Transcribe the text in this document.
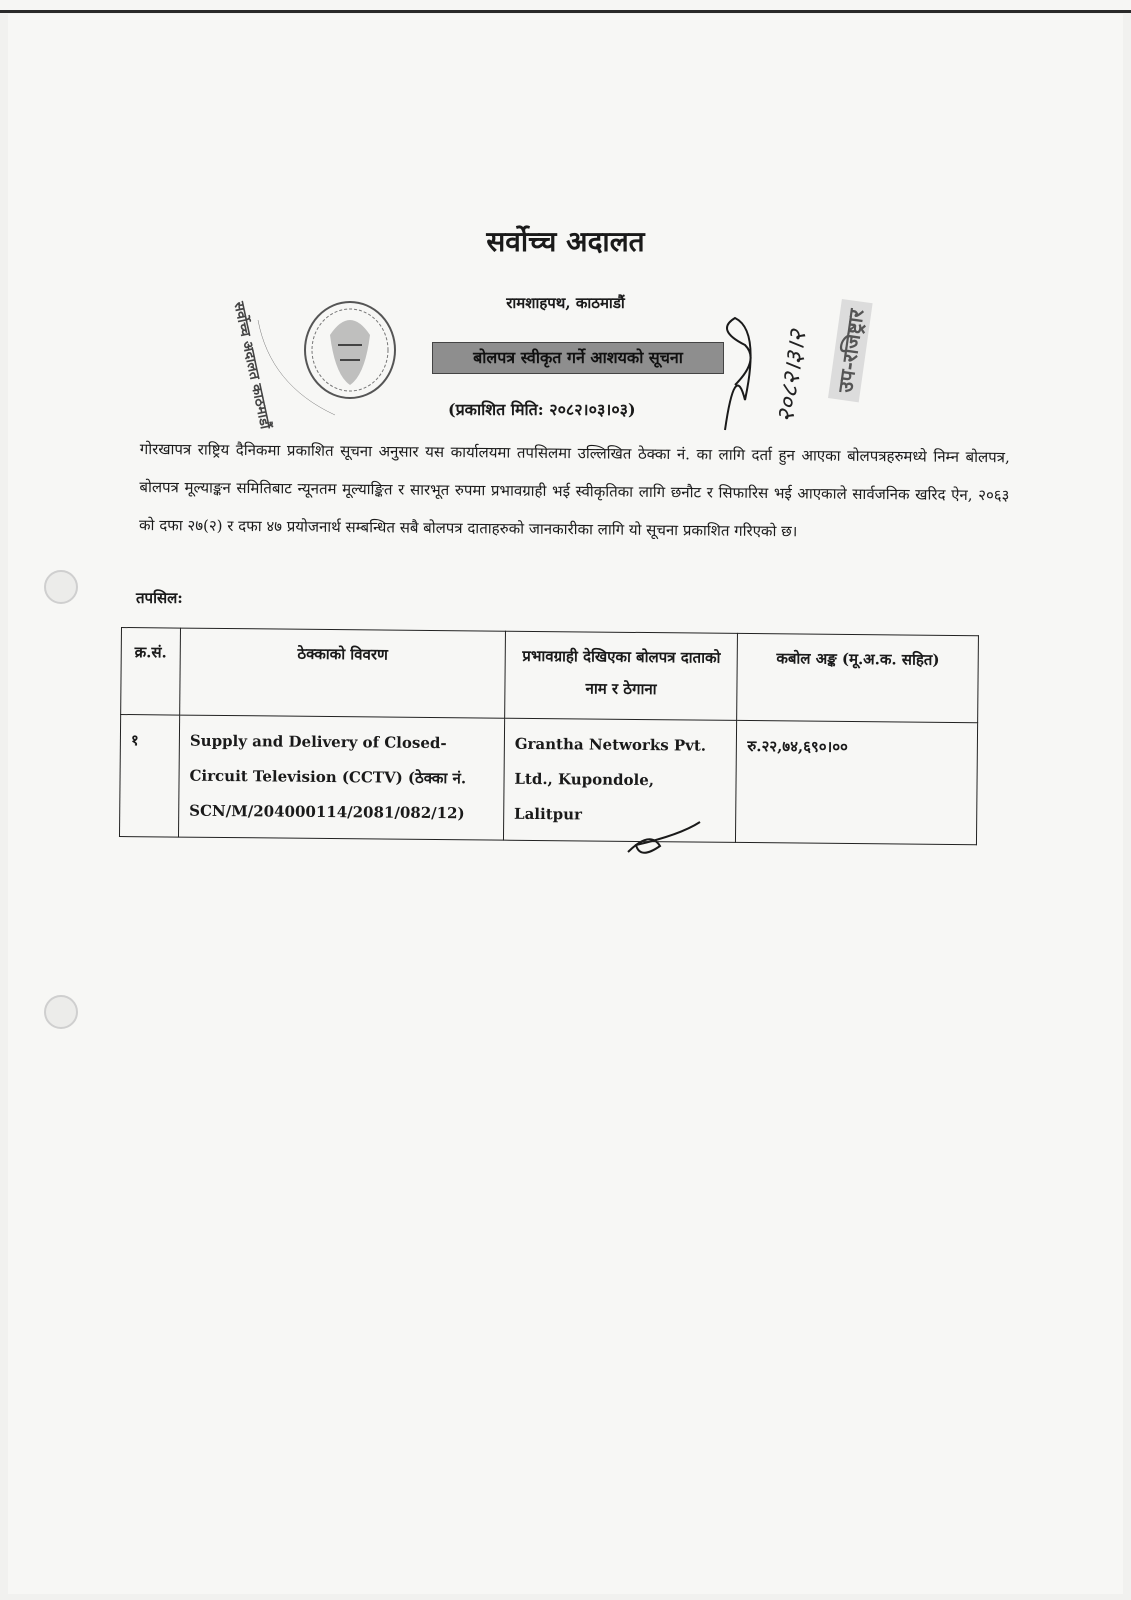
सर्वोच्च अदालत काठमाडौं
सर्वोच्च अदालत
रामशाहपथ, काठमाडौं
बोलपत्र स्वीकृत गर्ने आशयको सूचना
(प्रकाशित मिति: २०८२।०३।०३)
उप-रजिष्ट्रार
२०८२।३।२
गोरखापत्र राष्ट्रिय दैनिकमा प्रकाशित सूचना अनुसार यस कार्यालयमा तपसिलमा उल्लिखित ठेक्का नं. का लागि दर्ता हुन आएका बोलपत्रहरुमध्ये निम्न बोलपत्र, बोलपत्र मूल्याङ्कन समितिबाट न्यूनतम मूल्याङ्कित र सारभूत रुपमा प्रभावग्राही भई स्वीकृतिका लागि छनौट र सिफारिस भई आएकाले सार्वजनिक खरिद ऐन, २०६३ को दफा २७(२) र दफा ४७ प्रयोजनार्थ सम्बन्धित सबै बोलपत्र दाताहरुको जानकारीका लागि यो सूचना प्रकाशित गरिएको छ।
तपसिल:
क्र.सं.	ठेक्काको विवरण	प्रभावग्राही देखिएका बोलपत्र दाताको नाम र ठेगाना	कबोल अङ्क (मू.अ.क. सहित)
१	Supply and Delivery of Closed-Circuit Television (CCTV) (ठेक्का नं. SCN/M/204000114/2081/082/12)	Grantha Networks Pvt. Ltd., Kupondole, Lalitpur	रु.२२,७४,६९०।००
